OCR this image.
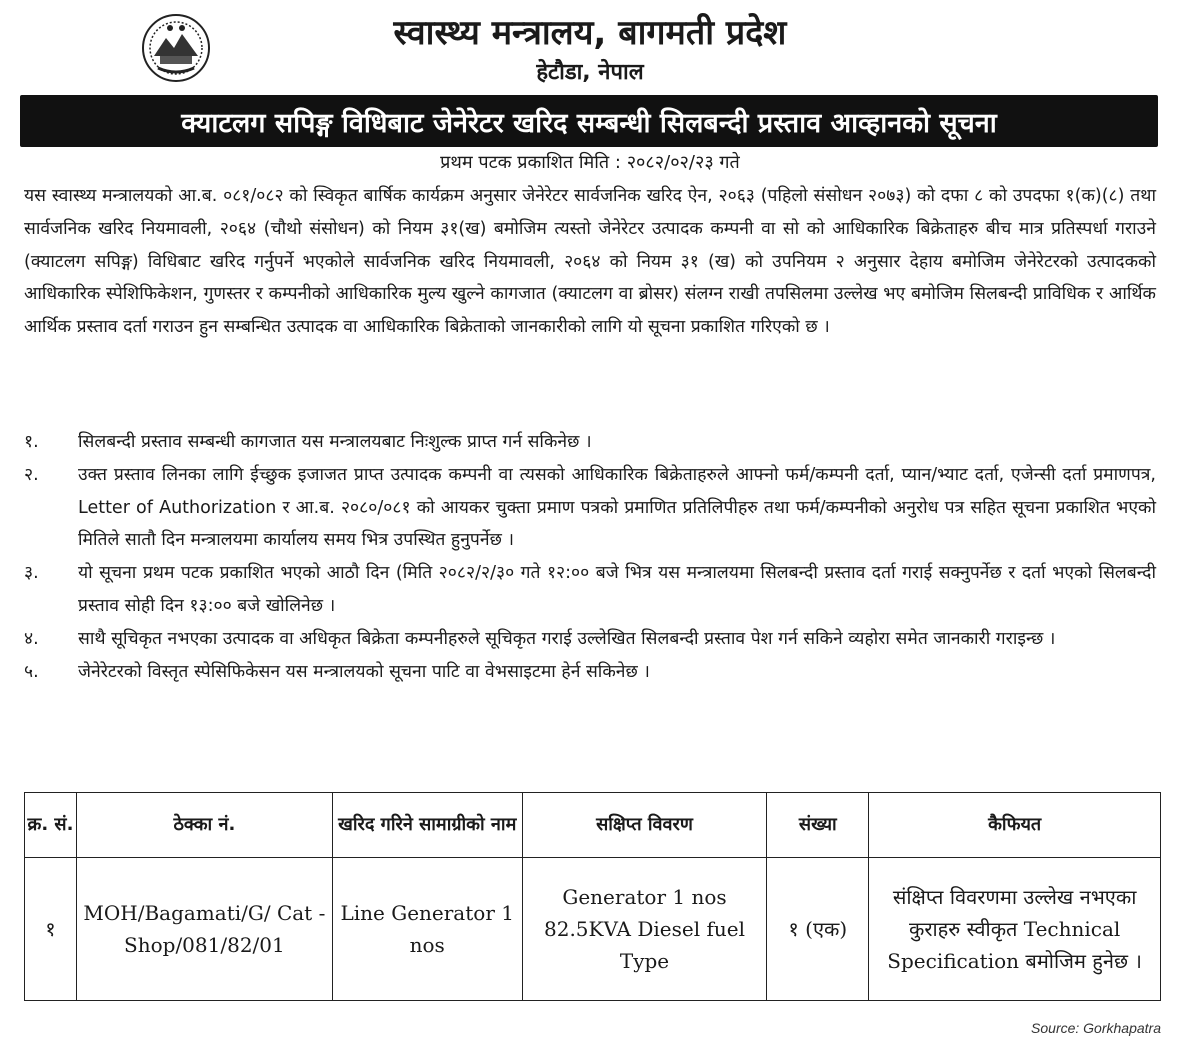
स्वास्थ्य मन्त्रालय, बागमती प्रदेश
हेटौडा, नेपाल
क्याटलग सपिङ्ग विधिबाट जेनेरेटर खरिद सम्बन्धी सिलबन्दी प्रस्ताव आव्हानको सूचना
प्रथम पटक प्रकाशित मिति : २०८२/०२/२३ गते
यस स्वास्थ्य मन्त्रालयको आ.ब. ०८१/०८२ को स्विकृत बार्षिक कार्यक्रम अनुसार जेनेरेटर सार्वजनिक खरिद ऐन, २०६३ (पहिलो संसोधन २०७३) को दफा ८ को उपदफा १(क)(८) तथा सार्वजनिक खरिद नियमावली, २०६४ (चौथो संसोधन) को नियम ३१(ख) बमोजिम त्यस्तो जेनेरेटर उत्पादक कम्पनी वा सो को आधिकारिक बिक्रेताहरु बीच मात्र प्रतिस्पर्धा गराउने (क्याटलग सपिङ्ग) विधिबाट खरिद गर्नुपर्ने भएकोले सार्वजनिक खरिद नियमावली, २०६४ को नियम ३१ (ख) को उपनियम २ अनुसार देहाय बमोजिम जेनेरेटरको उत्पादकको आधिकारिक स्पेशिफिकेशन, गुणस्तर र कम्पनीको आधिकारिक मुल्य खुल्ने कागजात (क्याटलग वा ब्रोसर) संलग्न राखी तपसिलमा उल्लेख भए बमोजिम सिलबन्दी प्राविधिक र आर्थिक आर्थिक प्रस्ताव दर्ता गराउन हुन सम्बन्धित उत्पादक वा आधिकारिक बिक्रेताको जानकारीको लागि यो सूचना प्रकाशित गरिएको छ ।
१.	सिलबन्दी प्रस्ताव सम्बन्धी कागजात यस मन्त्रालयबाट निःशुल्क प्राप्त गर्न सकिनेछ ।
२.	उक्त प्रस्ताव लिनका लागि ईच्छुक इजाजत प्राप्त उत्पादक कम्पनी वा त्यसको आधिकारिक बिक्रेताहरुले आफ्नो फर्म/कम्पनी दर्ता, प्यान/भ्याट दर्ता, एजेन्सी दर्ता प्रमाणपत्र, Letter of Authorization र आ.ब. २०८०/०८१ को आयकर चुक्ता प्रमाण पत्रको प्रमाणित प्रतिलिपीहरु तथा फर्म/कम्पनीको अनुरोध पत्र सहित सूचना प्रकाशित भएको मितिले सातौ दिन मन्त्रालयमा कार्यालय समय भित्र उपस्थित हुनुपर्नेछ ।
३.	यो सूचना प्रथम पटक प्रकाशित भएको आठौ दिन (मिति २०८२/२/३० गते १२:०० बजे भित्र यस मन्त्रालयमा सिलबन्दी प्रस्ताव दर्ता गराई सक्नुपर्नेछ र दर्ता भएको सिलबन्दी प्रस्ताव सोही दिन १३:०० बजे खोलिनेछ ।
४.	साथै सूचिकृत नभएका उत्पादक वा अधिकृत बिक्रेता कम्पनीहरुले सूचिकृत गराई उल्लेखित सिलबन्दी प्रस्ताव पेश गर्न सकिने व्यहोरा समेत जानकारी गराइन्छ ।
५.	जेनेरेटरको विस्तृत स्पेसिफिकेसन यस मन्त्रालयको सूचना पाटि वा वेभसाइटमा हेर्न सकिनेछ ।
क्र. सं.	ठेक्का नं.	खरिद गरिने सामाग्रीको नाम	सक्षिप्त विवरण	संख्या	कैफियत
१	MOH/Bagamati/G/ Cat -Shop/081/82/01	Line Generator 1 nos	Generator 1 nos 82.5KVA Diesel fuel Type	१ (एक)	संक्षिप्त विवरणमा उल्लेख नभएका कुराहरु स्वीकृत Technical Specification बमोजिम हुनेछ ।
Source: Gorkhapatra
